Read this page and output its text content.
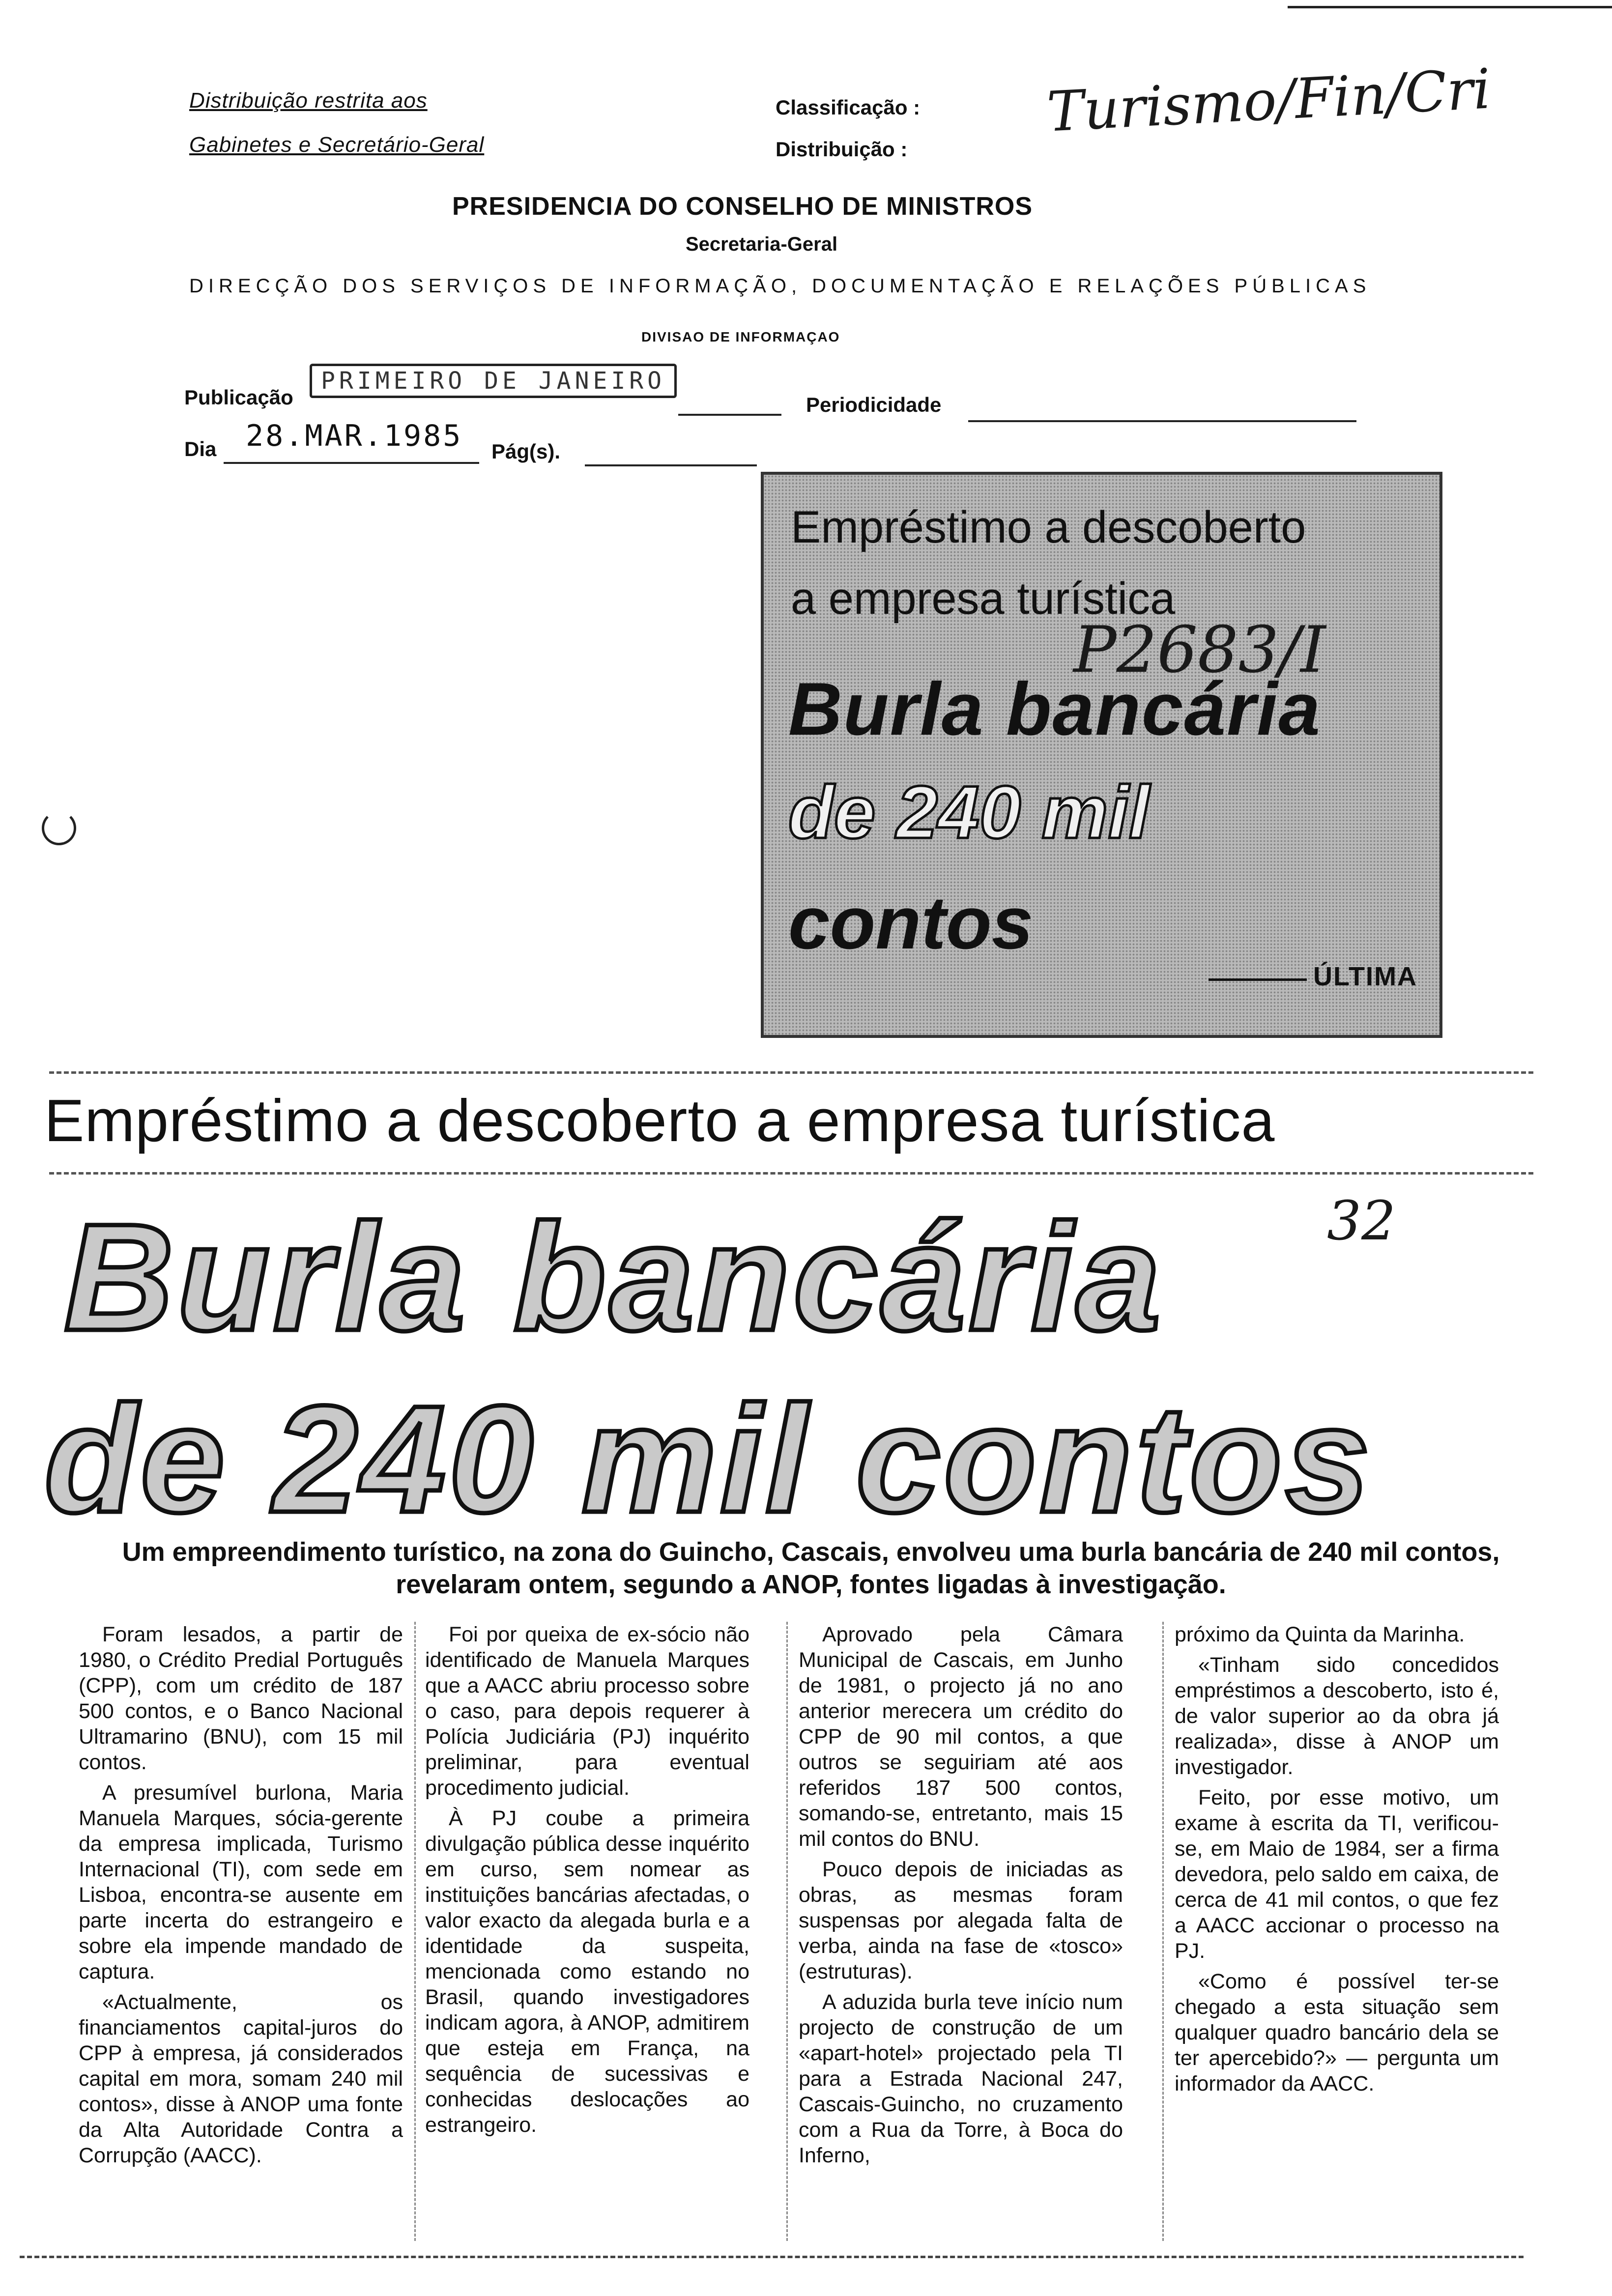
Distribuição restrita aos
Gabinetes e Secretário-Geral
Classificação :
Distribuição :
Turismo/Fin/Cri
PRESIDENCIA DO CONSELHO DE MINISTROS
Secretaria-Geral
DIRECÇÃO DOS SERVIÇOS DE INFORMAÇÃO, DOCUMENTAÇÃO E RELAÇÕES PÚBLICAS
DIVISAO DE INFORMAÇAO
Publicação
PRIMEIRO DE JANEIRO
Periodicidade
Dia 28.MAR.1985 Pág(s).
Empréstimo a descoberto
a empresa turística
P2683/I
Burla bancária
de 240 mil
contos
ÚLTIMA
Empréstimo a descoberto a empresa turística
Burla bancária	32
de 240 mil contos
Um empreendimento turístico, na zona do Guincho, Cascais, envolveu uma burla bancária de 240 mil contos, revelaram ontem, segundo a ANOP, fontes ligadas à investigação.

Foram lesados, a partir de 1980, o Crédito Predial Português (CPP), com um crédito de 187 500 contos, e o Banco Nacional Ultramarino (BNU), com 15 mil contos.

A presumível burlona, Maria Manuela Marques, sócia-gerente da empresa implicada, Turismo Internacional (TI), com sede em Lisboa, encontra-se ausente em parte incerta do estrangeiro e sobre ela impende mandado de captura.

«Actualmente, os financiamentos capital-juros do CPP à empresa, já considerados capital em mora, somam 240 mil contos», disse à ANOP uma fonte da Alta Autoridade Contra a Corrupção (AACC).

Foi por queixa de ex-sócio não identificado de Manuela Marques que a AACC abriu processo sobre o caso, para depois requerer à Polícia Judiciária (PJ) inquérito preliminar, para eventual procedimento judicial.

À PJ coube a primeira divulgação pública desse inquérito em curso, sem nomear as instituições bancárias afectadas, o valor exacto da alegada burla e a identidade da suspeita, mencionada como estando no Brasil, quando investigadores indicam agora, à ANOP, admitirem que esteja em França, na sequência de sucessivas e conhecidas deslocações ao estrangeiro.

Aprovado pela Câmara Municipal de Cascais, em Junho de 1981, o projecto já no ano anterior merecera um crédito do CPP de 90 mil contos, a que outros se seguiriam até aos referidos 187 500 contos, somando-se, entretanto, mais 15 mil contos do BNU.

Pouco depois de iniciadas as obras, as mesmas foram suspensas por alegada falta de verba, ainda na fase de «tosco» (estruturas).

A aduzida burla teve início num projecto de construção de um «apart-hotel» projectado pela TI para a Estrada Nacional 247, Cascais-Guincho, no cruzamento com a Rua da Torre, à Boca do Inferno,

próximo da Quinta da Marinha.

«Tinham sido concedidos empréstimos a descoberto, isto é, de valor superior ao da obra já realizada», disse à ANOP um investigador.

Feito, por esse motivo, um exame à escrita da TI, verificou-se, em Maio de 1984, ser a firma devedora, pelo saldo em caixa, de cerca de 41 mil contos, o que fez a AACC accionar o processo na PJ.

«Como é possível ter-se chegado a esta situação sem qualquer quadro bancário dela se ter apercebido?» — pergunta um informador da AACC.
